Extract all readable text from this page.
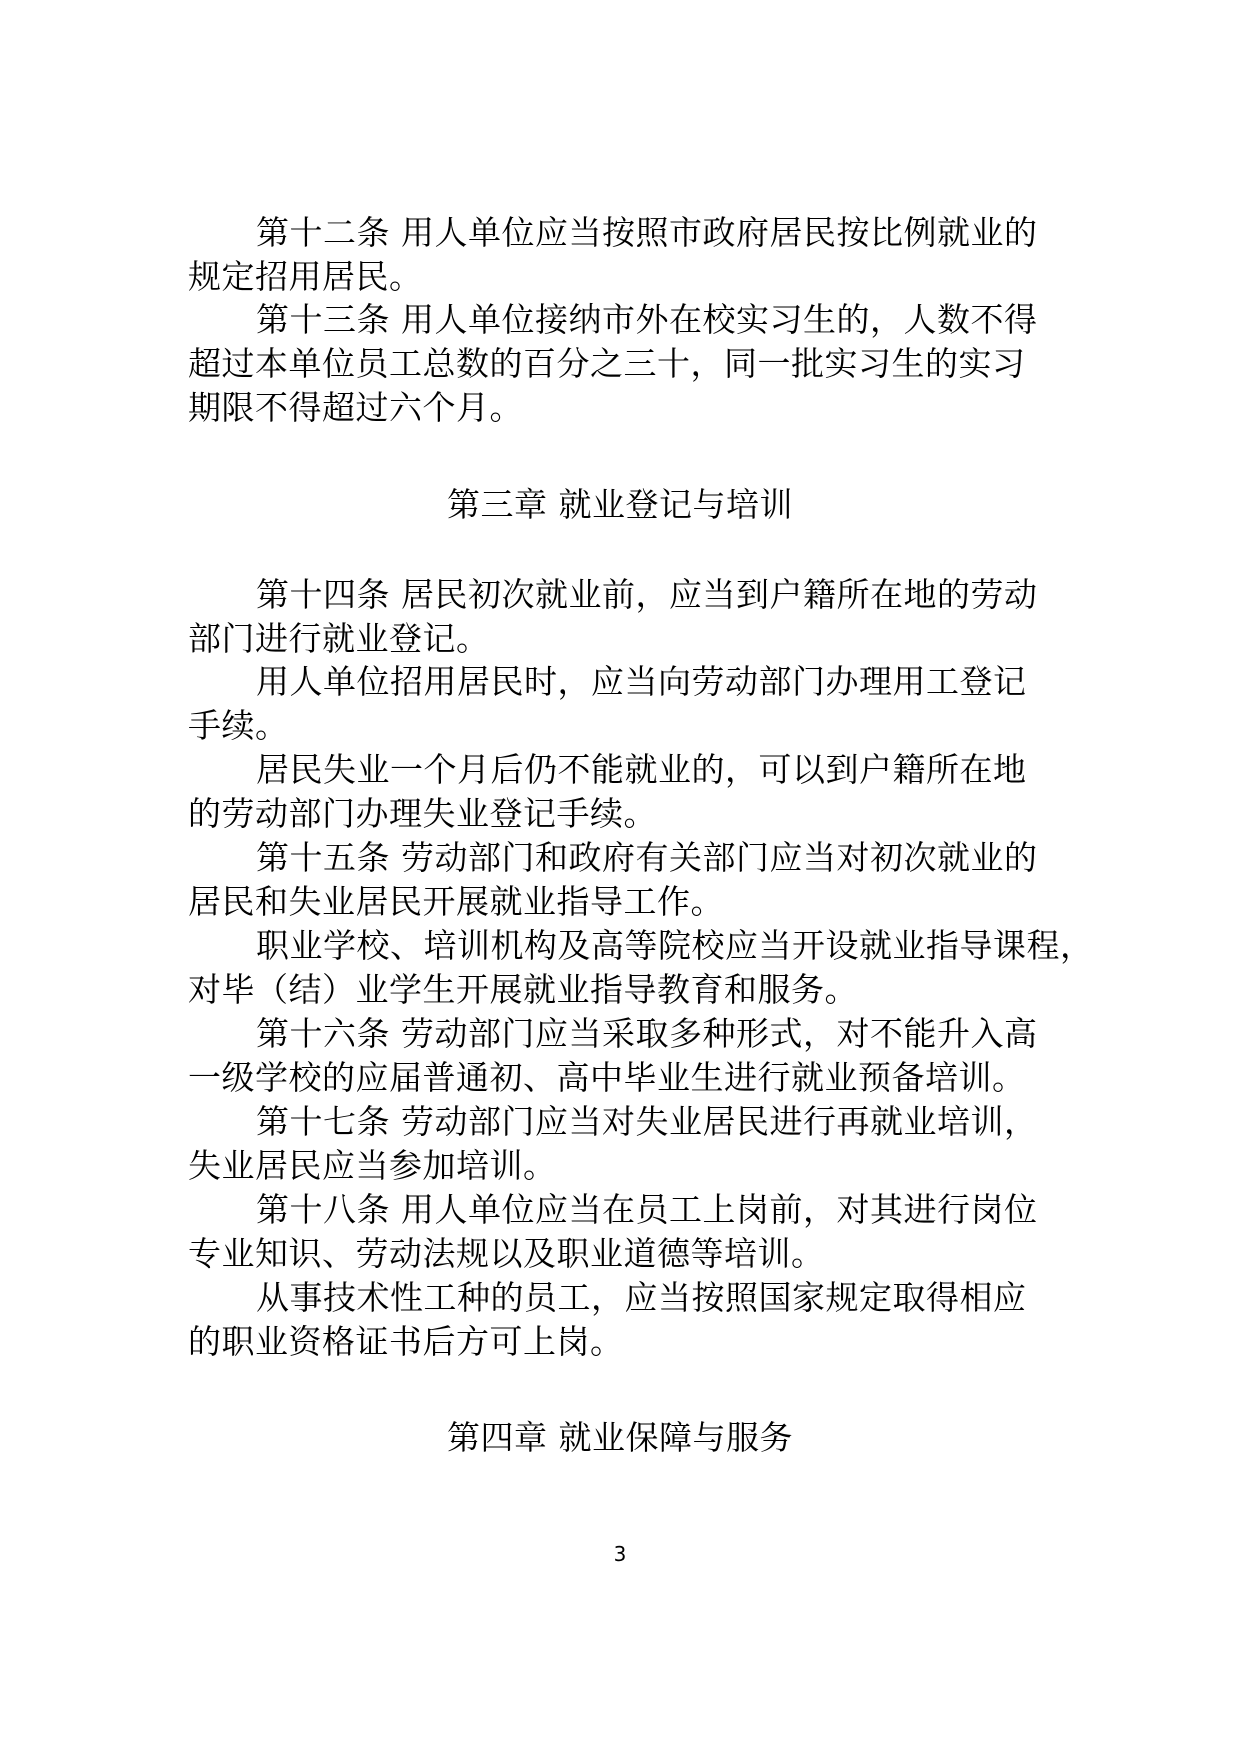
第十二条 用人单位应当按照市政府居民按比例就业的
规定招用居民。
第十三条 用人单位接纳市外在校实习生的，人数不得
超过本单位员工总数的百分之三十，同一批实习生的实习
期限不得超过六个月。
第三章 就业登记与培训
第十四条 居民初次就业前，应当到户籍所在地的劳动
部门进行就业登记。
用人单位招用居民时，应当向劳动部门办理用工登记
手续。
居民失业一个月后仍不能就业的，可以到户籍所在地
的劳动部门办理失业登记手续。
第十五条 劳动部门和政府有关部门应当对初次就业的
居民和失业居民开展就业指导工作。
职业学校、培训机构及高等院校应当开设就业指导课程，
对毕（结）业学生开展就业指导教育和服务。
第十六条 劳动部门应当采取多种形式，对不能升入高
一级学校的应届普通初、高中毕业生进行就业预备培训。
第十七条 劳动部门应当对失业居民进行再就业培训，
失业居民应当参加培训。
第十八条 用人单位应当在员工上岗前，对其进行岗位
专业知识、劳动法规以及职业道德等培训。
从事技术性工种的员工，应当按照国家规定取得相应
的职业资格证书后方可上岗。
第四章 就业保障与服务
3
